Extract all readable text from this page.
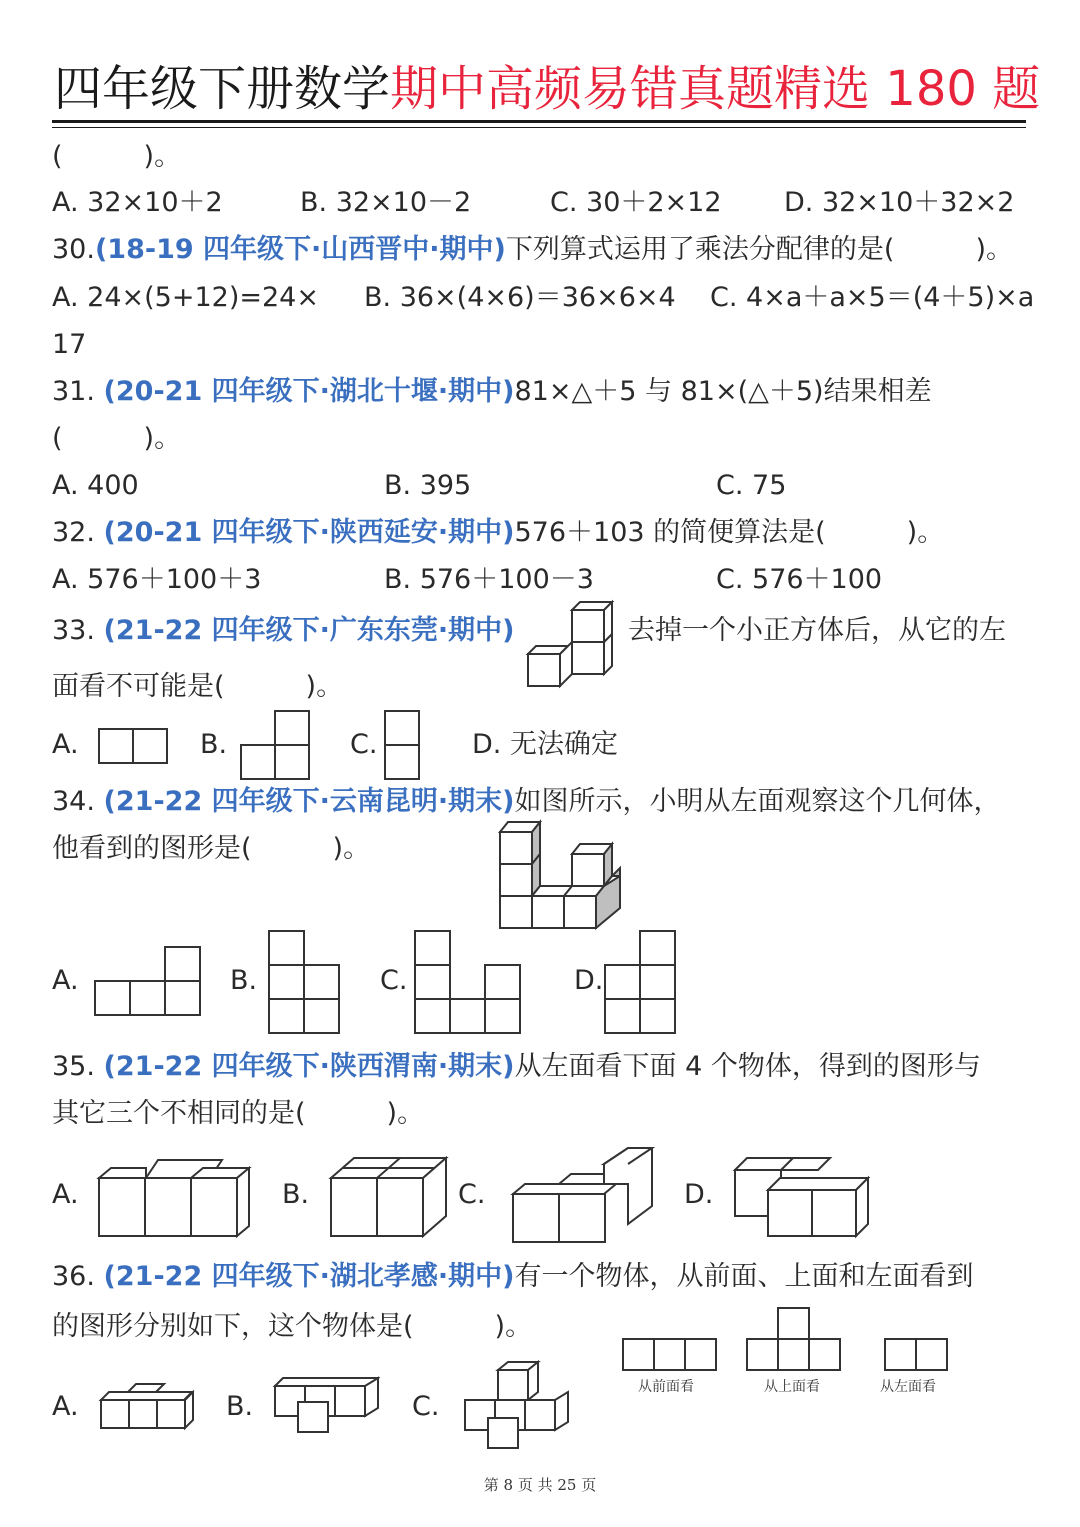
四年级下册数学期中高频易错真题精选 180 题
(　　　)。
A. 32×10＋2	B. 32×10－2	C. 30＋2×12 D. 32×10＋32×2
30.(18-19 四年级下·山西晋中·期中)下列算式运用了乘法分配律的是(　　　)。
A. 24×(5+12)=24× B. 36×(4×6)＝36×6×4 C. 4×a＋a×5＝(4＋5)×a
17
31. (20-21 四年级下·湖北十堰·期中)81×△＋5 与 81×(△＋5)结果相差
(　　　)。
A. 400	B. 395	C. 75
32. (20-21 四年级下·陕西延安·期中)576＋103 的简便算法是(　　　)。
A. 576＋100＋3	B. 576＋100－3	C. 576＋100
33. (21-22 四年级下·广东东莞·期中)	去掉一个小正方体后，从它的左
面看不可能是(　　　)。
A.	B.	C.	D. 无法确定
34. (21-22 四年级下·云南昆明·期末)如图所示，小明从左面观察这个几何体，
他看到的图形是(　　　)。
A.	B.	C.	D.
35. (21-22 四年级下·陕西渭南·期末)从左面看下面 4 个物体，得到的图形与
其它三个不相同的是(　　　)。
A.	B.	C.	D.
36. (21-22 四年级下·湖北孝感·期中)有一个物体，从前面、上面和左面看到
的图形分别如下，这个物体是(　　　)。
从前面看	从上面看	从左面看
A.	B.	C.
第 8 页 共 25 页
